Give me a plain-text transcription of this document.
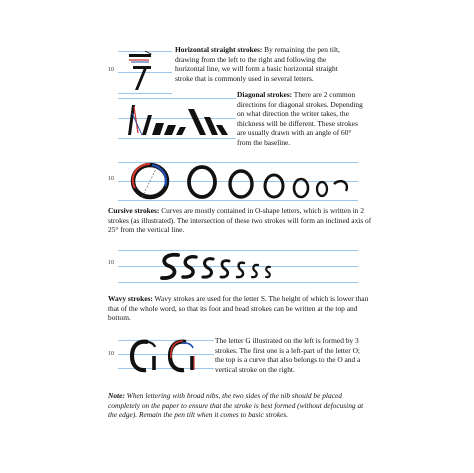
10
Horizontal straight strokes: By remaining the pen tilt, drawing from the left to the right and following the horizontal line, we will form a basic horizontal straight stroke that is commonly used in several letters.
Diagonal strokes: There are 2 common directions for diagonal strokes. Depending on what direction the writer takes, the thickness will be different. These strokes are usually drawn with an angle of 60° from the baseline.
10
Cursive strokes: Curves are mostly contained in O-shape letters, which is written in 2 strokes (as illustrated). The intersection of these two strokes will form an inclined axis of 25° from the vertical line.
10
Wavy strokes: Wavy strokes are used for the letter S. The height of which is lower than that of the whole word, so that its foot and head strokes can be written at the top and bottom.
10
The letter G illustrated on the left is formed by 3 strokes. The first one is a left-part of the letter O; the top is a curve that also belongs to the O and a vertical stroke on the right.
Note: When lettering with broad nibs, the two sides of the nib should be placed completely on the paper to ensure that the stroke is best formed (without defocusing at the edge). Remain the pen tilt when it comes to basic strokes.
